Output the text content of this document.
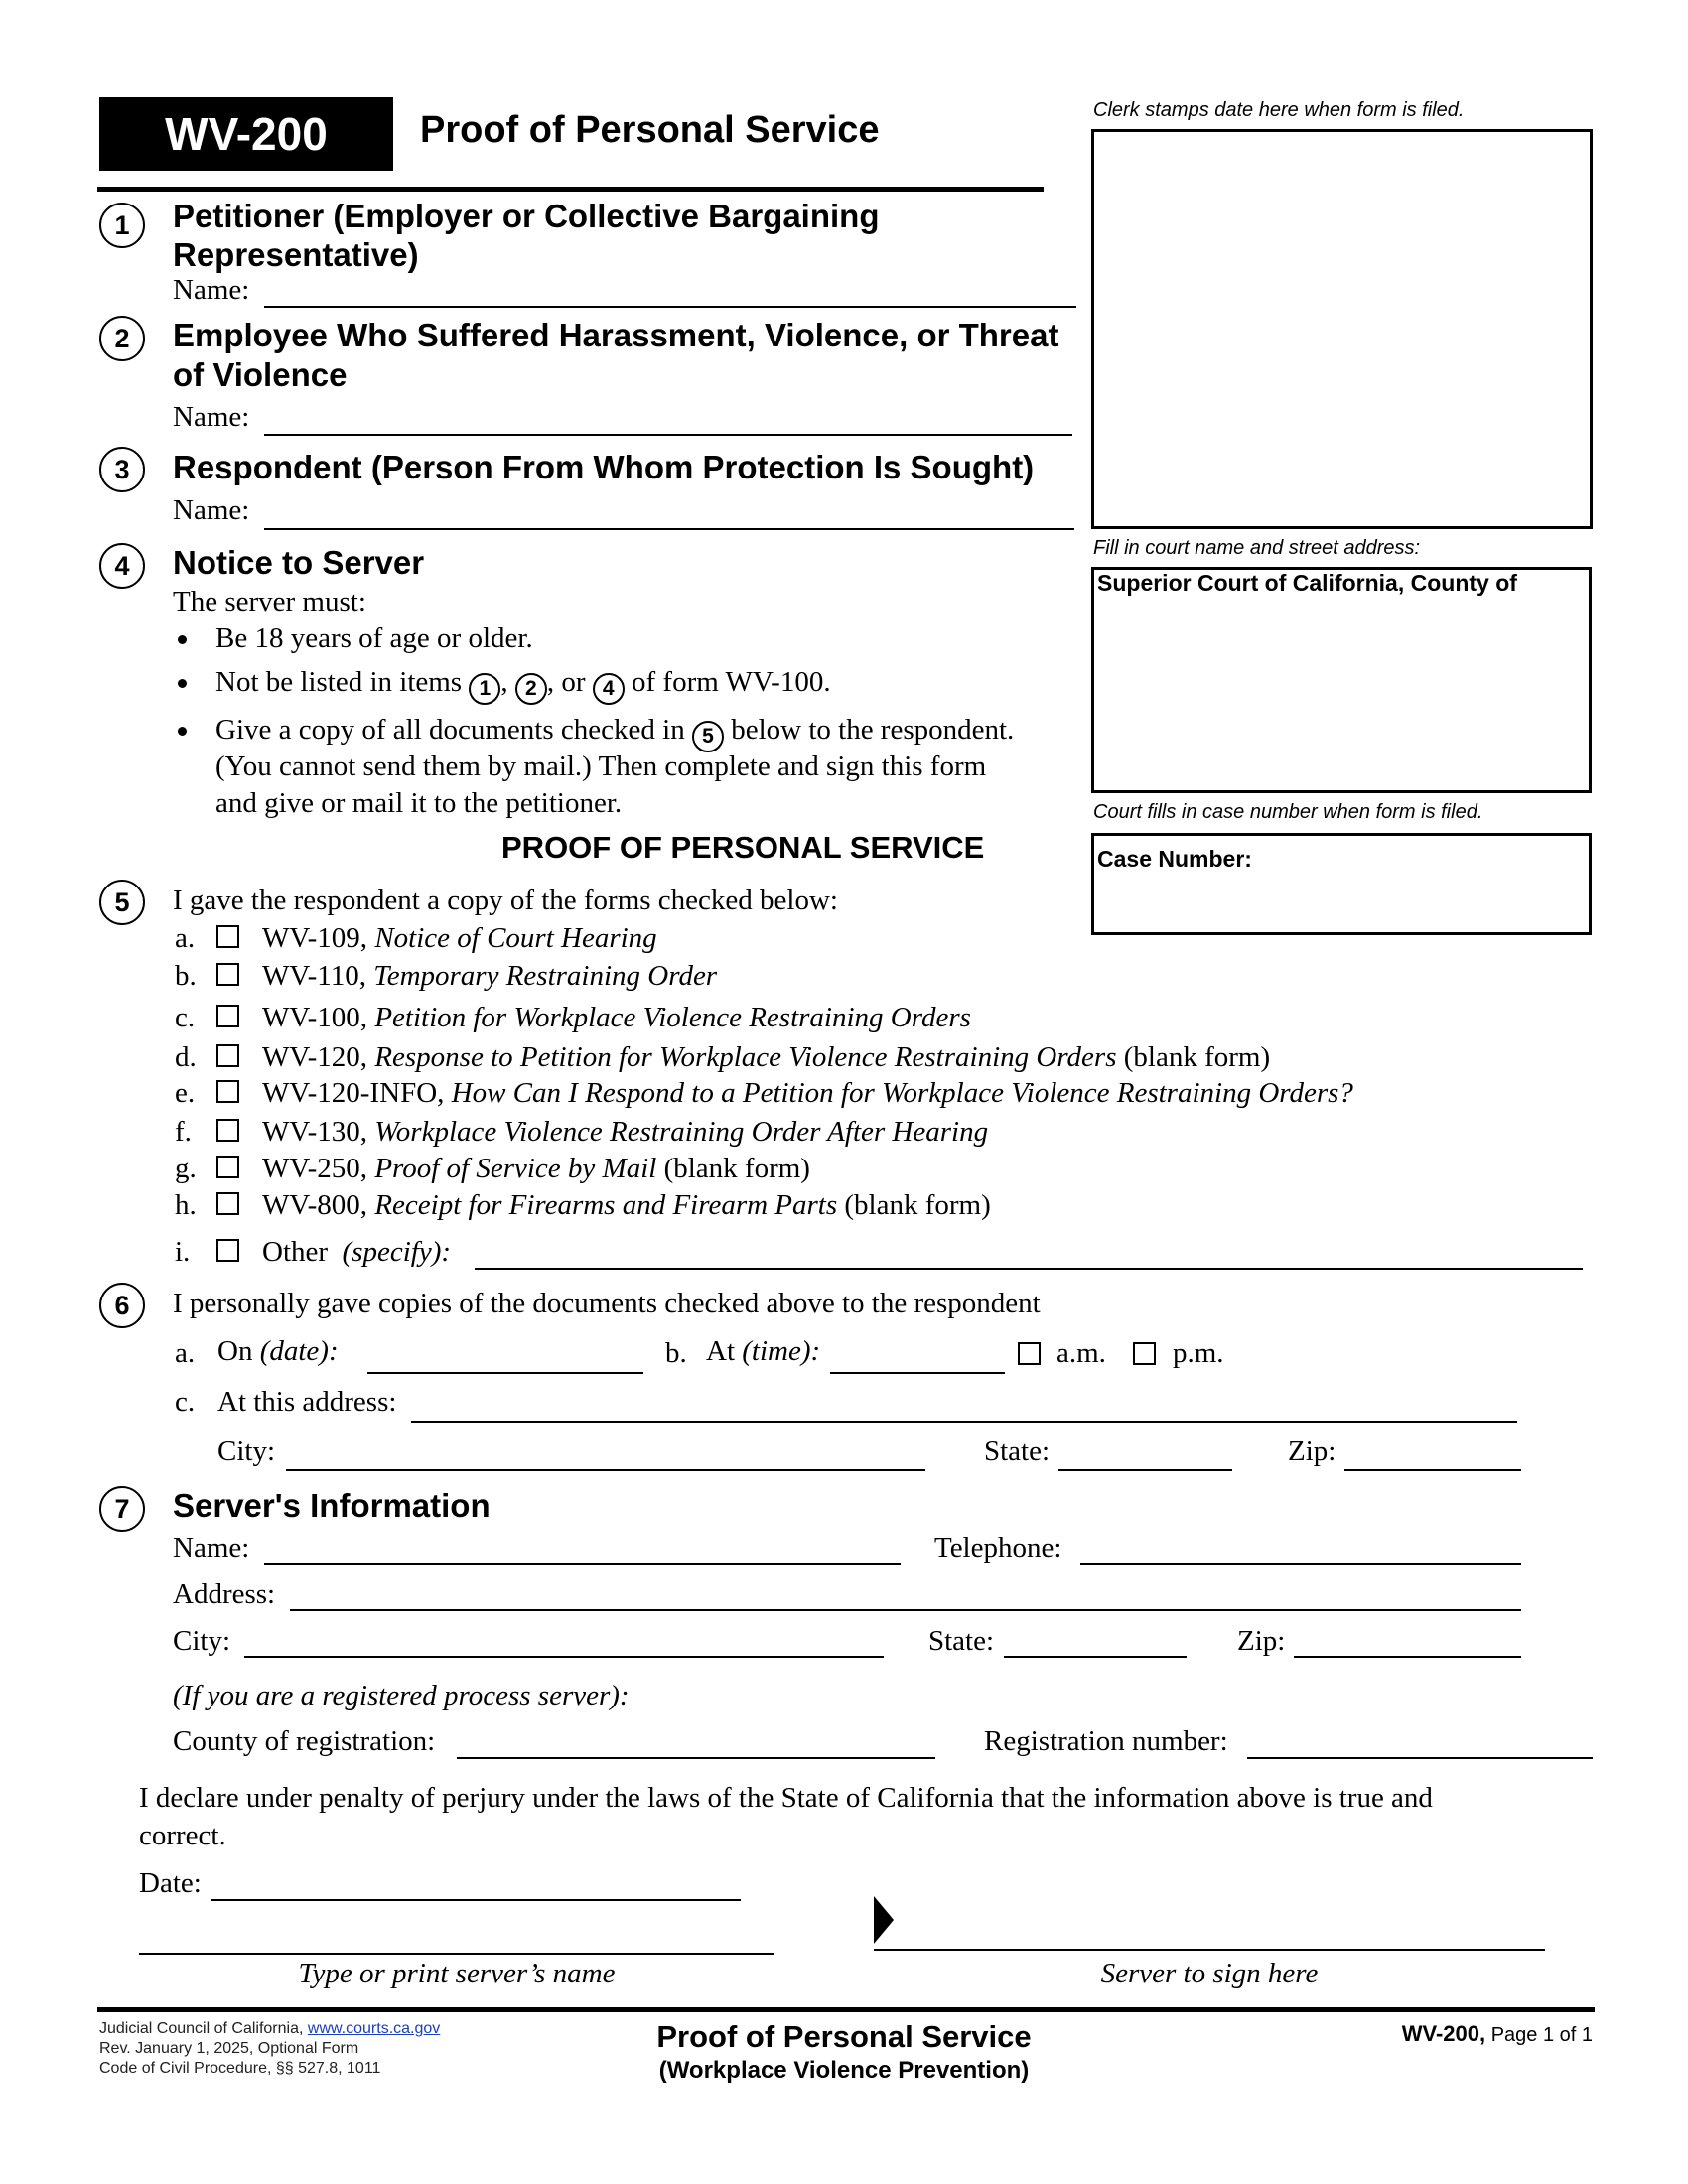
WV-200	Proof of Personal Service	Clerk stamps date here when form is filed.
Fill in court name and street address:
Superior Court of California, County of
Court fills in case number when form is filed.
Case Number:
1	Petitioner (Employer or Collective Bargaining
Representative)
Name:
2	Employee Who Suffered Harassment, Violence, or Threat
of Violence
Name:
3	Respondent (Person From Whom Protection Is Sought)
Name:
4	Notice to Server
The server must:
Be 18 years of age or older.
Not be listed in items 1 , 2 , or 4 of form WV-100.
Give a copy of all documents checked in 5 below to the respondent.
(You cannot send them by mail.) Then complete and sign this form
and give or mail it to the petitioner.
PROOF OF PERSONAL SERVICE
5	I gave the respondent a copy of the forms checked below:
a. WV-109, Notice of Court Hearing
b. WV-110, Temporary Restraining Order
c. WV-100, Petition for Workplace Violence Restraining Orders
d. WV-120, Response to Petition for Workplace Violence Restraining Orders (blank form)
e. WV-120-INFO, How Can I Respond to a Petition for Workplace Violence Restraining Orders?
f. WV-130, Workplace Violence Restraining Order After Hearing
g. WV-250, Proof of Service by Mail (blank form)
h. WV-800, Receipt for Firearms and Firearm Parts (blank form)
i.	Other (specify):
6	I personally gave copies of the documents checked above to the respondent
a. On (date):	b. At (time):	a.m. p.m.
c. At this address:
City:	State:	Zip:
7	Server's Information
Name:	Telephone:
Address:
City:	State:	Zip:
(If you are a registered process server):
County of registration:	Registration number:
I declare under penalty of perjury under the laws of the State of California that the information above is true and
correct.
Date:
Type or print server’s name	Server to sign here
Judicial Council of California, www.courts.ca.gov
Rev. January 1, 2025, Optional Form
Code of Civil Procedure, §§ 527.8, 1011
Proof of Personal Service
(Workplace Violence Prevention)
WV-200, Page 1 of 1
